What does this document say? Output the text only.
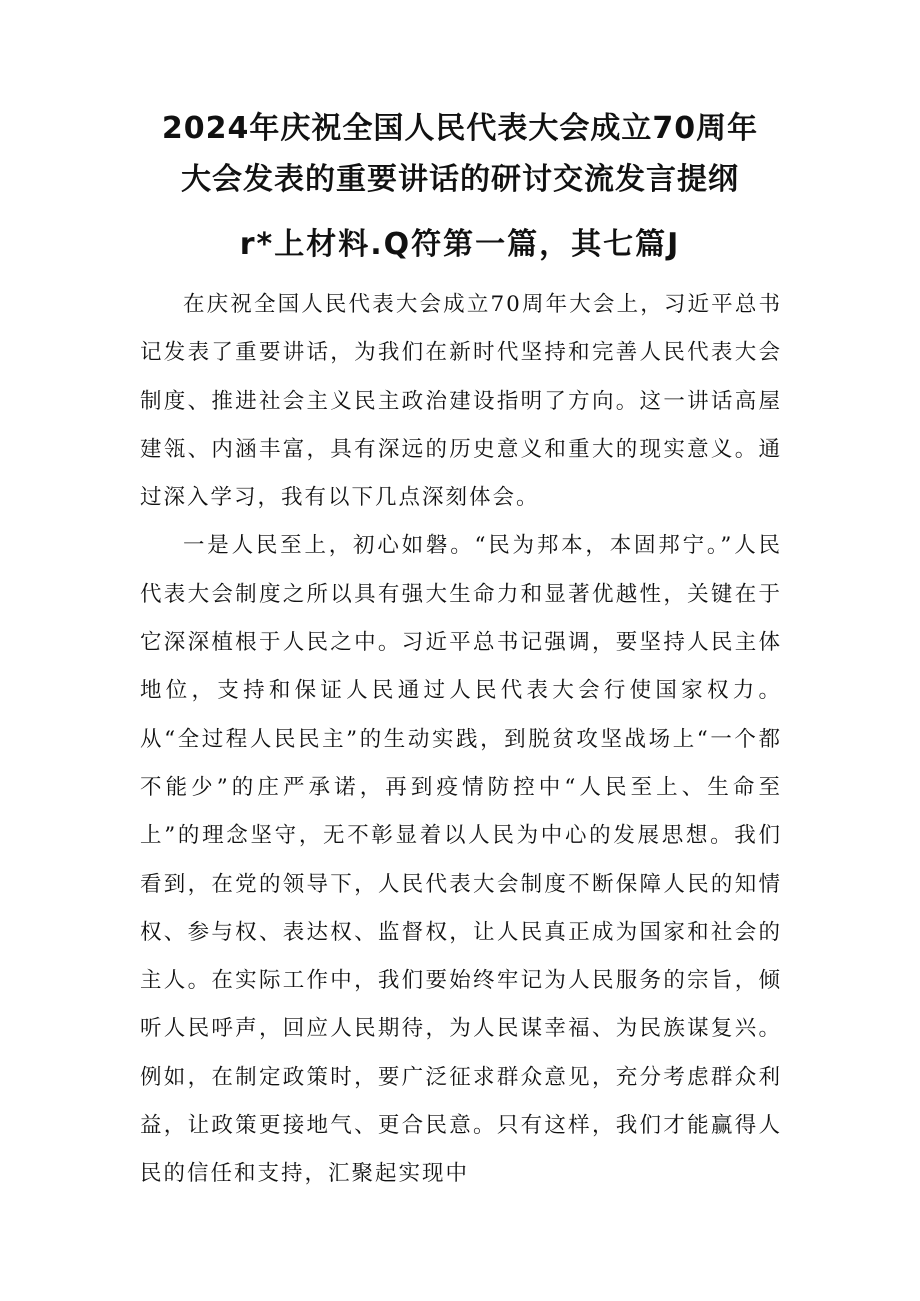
2024年庆祝全国人民代表大会成立70周年
大会发表的重要讲话的研讨交流发言提纲
r*上材料.Q符第一篇，其七篇J

在庆祝全国人民代表大会成立70周年大会上，习近平总书记发表了重要讲话，为我们在新时代坚持和完善人民代表大会制度、推进社会主义民主政治建设指明了方向。这一讲话高屋建瓴、内涵丰富，具有深远的历史意义和重大的现实意义。通过深入学习，我有以下几点深刻体会。

一是人民至上，初心如磐。“民为邦本，本固邦宁。”人民代表大会制度之所以具有强大生命力和显著优越性，关键在于它深深植根于人民之中。习近平总书记强调，要坚持人民主体地位，支持和保证人民通过人民代表大会行使国家权力。从“全过程人民民主”的生动实践，到脱贫攻坚战场上“一个都不能少”的庄严承诺，再到疫情防控中“人民至上、生命至上”的理念坚守，无不彰显着以人民为中心的发展思想。我们看到，在党的领导下，人民代表大会制度不断保障人民的知情权、参与权、表达权、监督权，让人民真正成为国家和社会的主人。在实际工作中，我们要始终牢记为人民服务的宗旨，倾听人民呼声，回应人民期待，为人民谋幸福、为民族谋复兴。例如，在制定政策时，要广泛征求群众意见，充分考虑群众利益，让政策更接地气、更合民意。只有这样，我们才能赢得人民的信任和支持，汇聚起实现中
